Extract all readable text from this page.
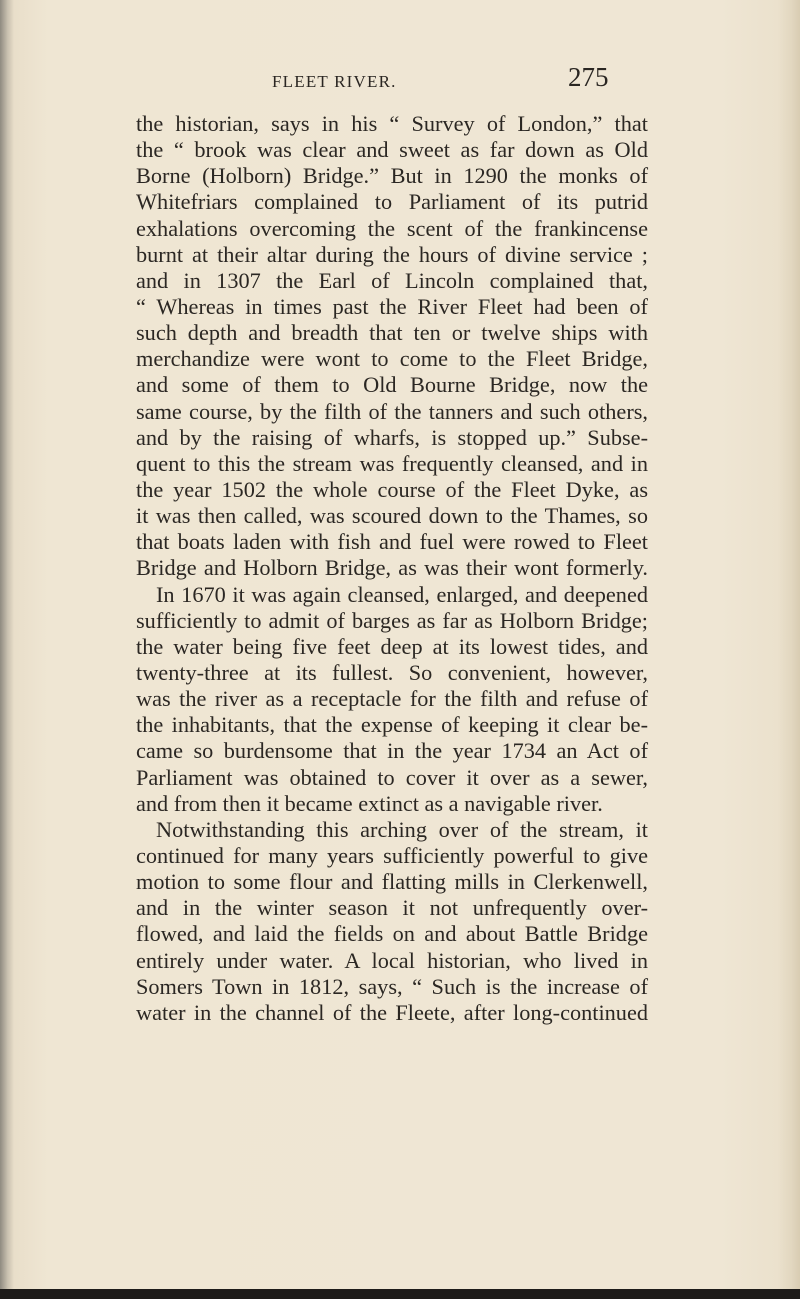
FLEET RIVER.	275
the historian, says in his “ Survey of London,” that
the “ brook was clear and sweet as far down as Old
Borne (Holborn) Bridge.” But in 1290 the monks of
Whitefriars complained to Parliament of its putrid
exhalations overcoming the scent of the frankincense
burnt at their altar during the hours of divine service ;
and in 1307 the Earl of Lincoln complained that,
“ Whereas in times past the River Fleet had been of
such depth and breadth that ten or twelve ships with
merchandize were wont to come to the Fleet Bridge,
and some of them to Old Bourne Bridge, now the
same course, by the filth of the tanners and such others,
and by the raising of wharfs, is stopped up.” Subse-
quent to this the stream was frequently cleansed, and in
the year 1502 the whole course of the Fleet Dyke, as
it was then called, was scoured down to the Thames, so
that boats laden with fish and fuel were rowed to Fleet
Bridge and Holborn Bridge, as was their wont formerly.
In 1670 it was again cleansed, enlarged, and deepened
sufficiently to admit of barges as far as Holborn Bridge;
the water being five feet deep at its lowest tides, and
twenty-three at its fullest. So convenient, however,
was the river as a receptacle for the filth and refuse of
the inhabitants, that the expense of keeping it clear be-
came so burdensome that in the year 1734 an Act of
Parliament was obtained to cover it over as a sewer,
and from then it became extinct as a navigable river.
Notwithstanding this arching over of the stream, it
continued for many years sufficiently powerful to give
motion to some flour and flatting mills in Clerkenwell,
and in the winter season it not unfrequently over-
flowed, and laid the fields on and about Battle Bridge
entirely under water. A local historian, who lived in
Somers Town in 1812, says, “ Such is the increase of
water in the channel of the Fleete, after long-continued
